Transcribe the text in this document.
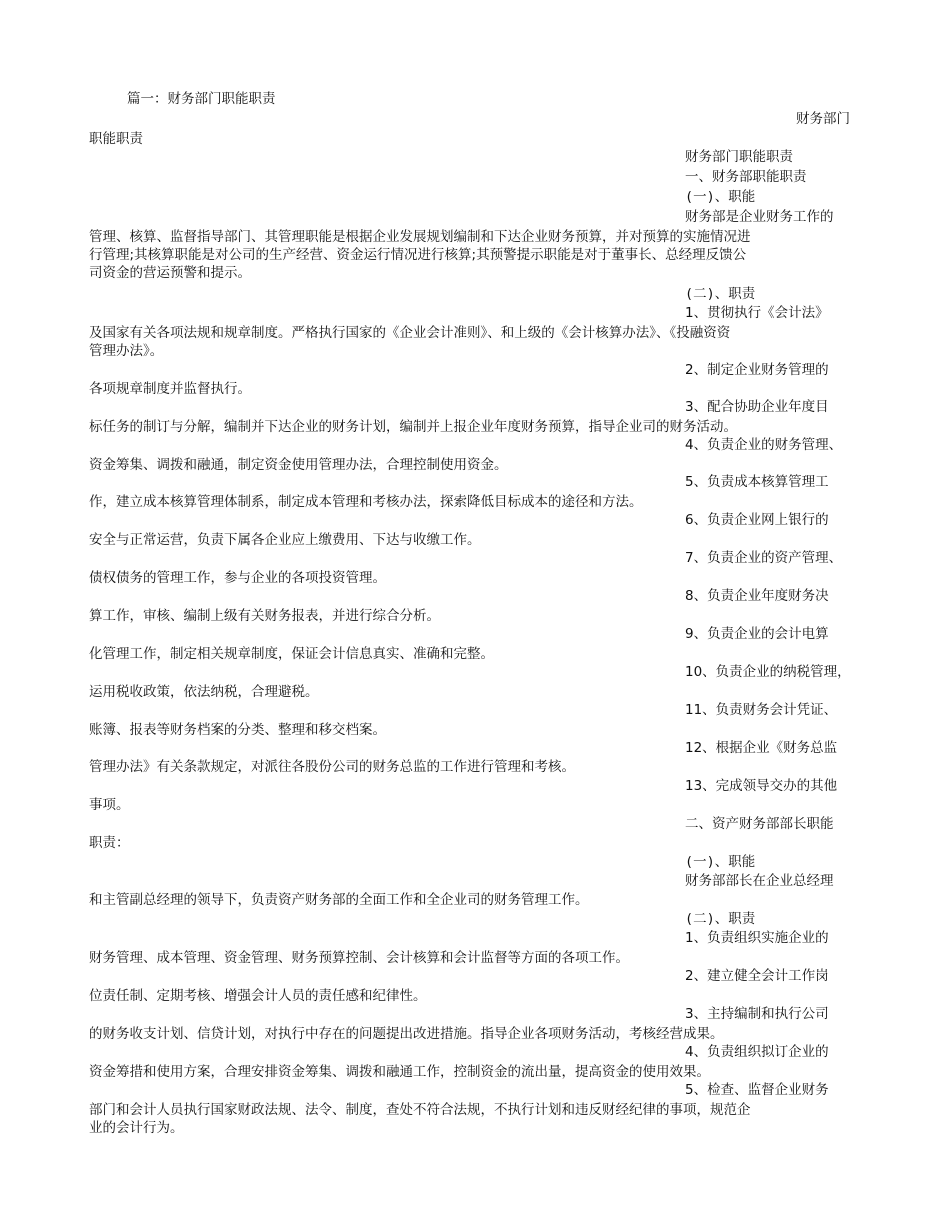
篇一：财务部门职能职责
财务部门
职能职责
财务部门职能职责
一、财务部职能职责
(一)、职能
财务部是企业财务工作的
管理、核算、监督指导部门、其管理职能是根据企业发展规划编制和下达企业财务预算，并对预算的实施情况进
行管理;其核算职能是对公司的生产经营、资金运行情况进行核算;其预警提示职能是对于董事长、总经理反馈公
司资金的营运预警和提示。
(二)、职责
1、贯彻执行《会计法》
及国家有关各项法规和规章制度。严格执行国家的《企业会计准则》、和上级的《会计核算办法》、《投融资资
管理办法》。
2、制定企业财务管理的
各项规章制度并监督执行。
3、配合协助企业年度目
标任务的制订与分解，编制并下达企业的财务计划，编制并上报企业年度财务预算，指导企业司的财务活动。
4、负责企业的财务管理、
资金筹集、调拨和融通，制定资金使用管理办法，合理控制使用资金。
5、负责成本核算管理工
作，建立成本核算管理体制系，制定成本管理和考核办法，探索降低目标成本的途径和方法。
6、负责企业网上银行的
安全与正常运营，负责下属各企业应上缴费用、下达与收缴工作。
7、负责企业的资产管理、
债权债务的管理工作，参与企业的各项投资管理。
8、负责企业年度财务决
算工作，审核、编制上级有关财务报表，并进行综合分析。
9、负责企业的会计电算
化管理工作，制定相关规章制度，保证会计信息真实、准确和完整。
10、负责企业的纳税管理，
运用税收政策，依法纳税，合理避税。
11、负责财务会计凭证、
账簿、报表等财务档案的分类、整理和移交档案。
12、根据企业《财务总监
管理办法》有关条款规定，对派往各股份公司的财务总监的工作进行管理和考核。
13、完成领导交办的其他
事项。
二、资产财务部部长职能
职责：
(一)、职能
财务部部长在企业总经理
和主管副总经理的领导下，负责资产财务部的全面工作和全企业司的财务管理工作。
(二)、职责
1、负责组织实施企业的
财务管理、成本管理、资金管理、财务预算控制、会计核算和会计监督等方面的各项工作。
2、建立健全会计工作岗
位责任制、定期考核、增强会计人员的责任感和纪律性。
3、主持编制和执行公司
的财务收支计划、信贷计划，对执行中存在的问题提出改进措施。指导企业各项财务活动，考核经营成果。
4、负责组织拟订企业的
资金筹措和使用方案，合理安排资金筹集、调拨和融通工作，控制资金的流出量，提高资金的使用效果。
5、检查、监督企业财务
部门和会计人员执行国家财政法规、法令、制度，查处不符合法规，不执行计划和违反财经纪律的事项，规范企
业的会计行为。
